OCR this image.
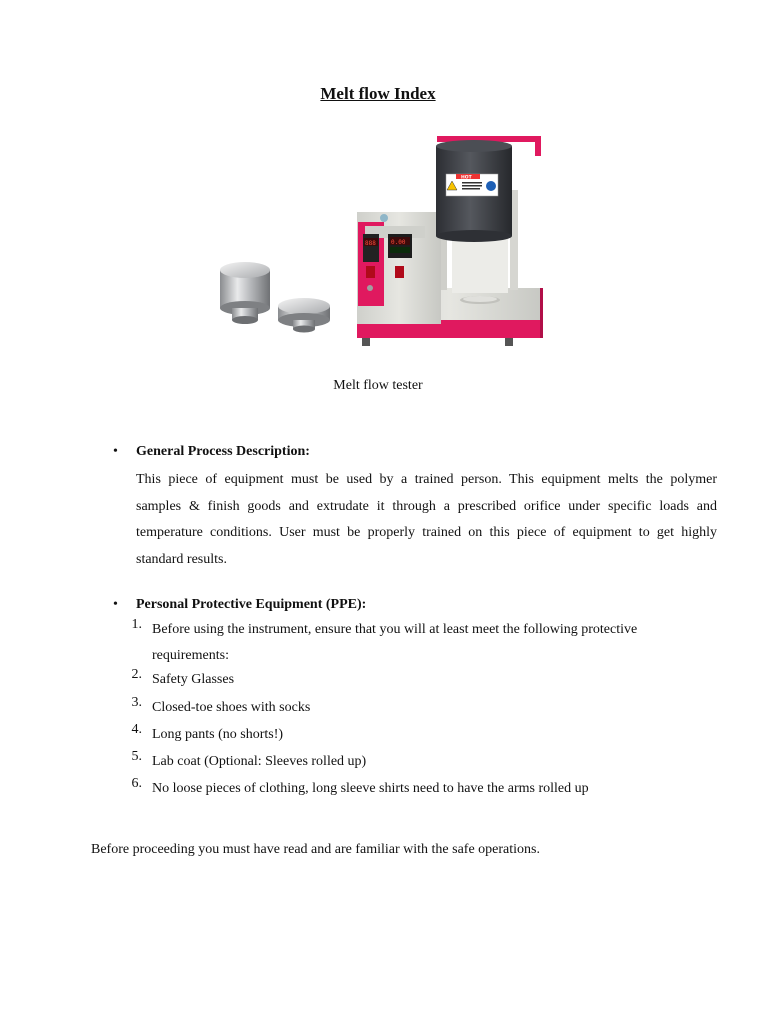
Melt flow Index
888	0.00
HOT
Melt flow tester
• General Process Description:
This piece of equipment must be used by a trained person. This equipment melts the polymer
samples & finish goods and extrudate it through a prescribed orifice under specific loads and
temperature conditions. User must be properly trained on this piece of equipment to get highly
standard results.
• Personal Protective Equipment (PPE):
1. Before using the instrument, ensure that you will at least meet the following protective requirements:
2. Safety Glasses
3. Closed-toe shoes with socks
4. Long pants (no shorts!)
5. Lab coat (Optional: Sleeves rolled up)
6. No loose pieces of clothing, long sleeve shirts need to have the arms rolled up
Before proceeding you must have read and are familiar with the safe operations.
